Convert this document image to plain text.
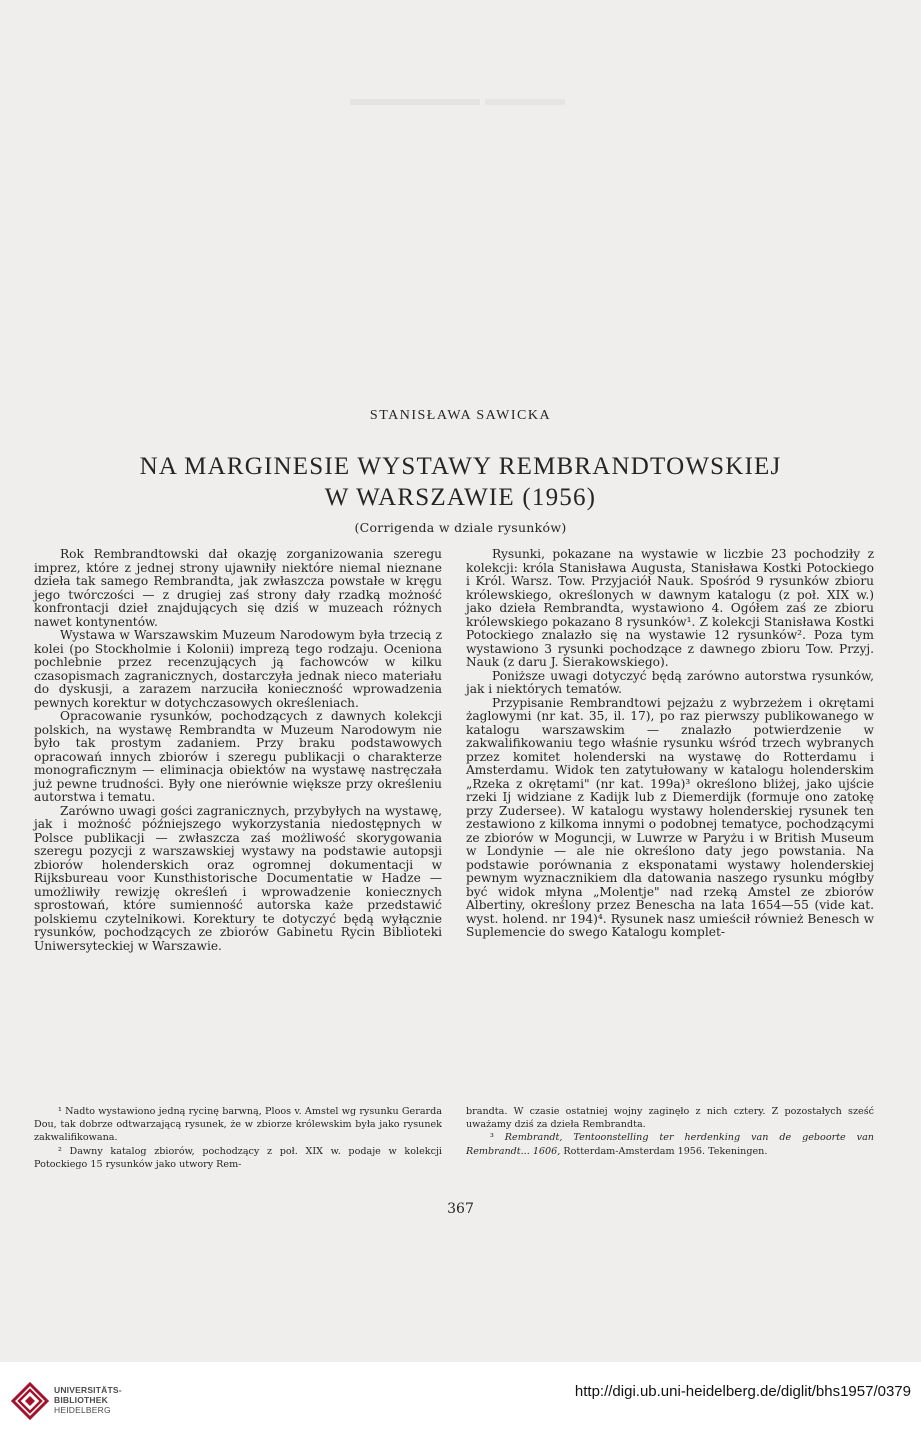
STANISŁAWA SAWICKA
NA MARGINESIE WYSTAWY REMBRANDTOWSKIEJ
W WARSZAWIE (1956)
(Corrigenda w dziale rysunków)

Rok Rembrandtowski dał okazję zorganizowania szeregu imprez, które z jednej strony ujawniły niektóre niemal nieznane dzieła tak samego Rembrandta, jak zwłaszcza powstałe w kręgu jego twórczości — z drugiej zaś strony dały rzadką możność konfrontacji dzieł znajdujących się dziś w muzeach różnych nawet kontynentów.

Wystawa w Warszawskim Muzeum Narodowym była trzecią z kolei (po Stockholmie i Kolonii) imprezą tego rodzaju. Oceniona pochlebnie przez recenzujących ją fachowców w kilku czasopismach zagranicznych, dostarczyła jednak nieco materiału do dyskusji, a zarazem narzuciła konieczność wprowadzenia pewnych korektur w dotychczasowych określeniach.

Opracowanie rysunków, pochodzących z dawnych kolekcji polskich, na wystawę Rembrandta w Muzeum Narodowym nie było tak prostym zadaniem. Przy braku podstawowych opracowań innych zbiorów i szeregu publikacji o charakterze monograficznym — eliminacja obiektów na wystawę nastręczała już pewne trudności. Były one nierównie większe przy określeniu autorstwa i tematu.

Zarówno uwagi gości zagranicznych, przybyłych na wystawę, jak i możność późniejszego wykorzystania niedostępnych w Polsce publikacji — zwłaszcza zaś możliwość skorygowania szeregu pozycji z warszawskiej wystawy na podstawie autopsji zbiorów holenderskich oraz ogromnej dokumentacji w Rijksbureau voor Kunsthistorische Documentatie w Hadze — umożliwiły rewizję określeń i wprowadzenie koniecznych sprostowań, które sumienność autorska każe przedstawić polskiemu czytelnikowi. Korektury te dotyczyć będą wyłącznie rysunków, pochodzących ze zbiorów Gabinetu Rycin Biblioteki Uniwersyteckiej w Warszawie.

Rysunki, pokazane na wystawie w liczbie 23 pochodziły z kolekcji: króla Stanisława Augusta, Stanisława Kostki Potockiego i Król. Warsz. Tow. Przyjaciół Nauk. Spośród 9 rysunków zbioru królewskiego, określonych w dawnym katalogu (z poł. XIX w.) jako dzieła Rembrandta, wystawiono 4. Ogółem zaś ze zbioru królewskiego pokazano 8 rysunków¹. Z kolekcji Stanisława Kostki Potockiego znalazło się na wystawie 12 rysunków². Poza tym wystawiono 3 rysunki pochodzące z dawnego zbioru Tow. Przyj. Nauk (z daru J. Sierakowskiego).

Poniższe uwagi dotyczyć będą zarówno autorstwa rysunków, jak i niektórych tematów.

Przypisanie Rembrandtowi pejzażu z wybrzeżem i okrętami żaglowymi (nr kat. 35, il. 17), po raz pierwszy publikowanego w katalogu warszawskim — znalazło potwierdzenie w zakwalifikowaniu tego właśnie rysunku wśród trzech wybranych przez komitet holenderski na wystawę do Rotterdamu i Amsterdamu. Widok ten zatytułowany w katalogu holenderskim „Rzeka z okrętami" (nr kat. 199a)³ określono bliżej, jako ujście rzeki Ij widziane z Kadijk lub z Diemerdijk (formuje ono zatokę przy Zudersee). W katalogu wystawy holenderskiej rysunek ten zestawiono z kilkoma innymi o podobnej tematyce, pochodzącymi ze zbiorów w Moguncji, w Luwrze w Paryżu i w British Museum w Londynie — ale nie określono daty jego powstania. Na podstawie porównania z eksponatami wystawy holenderskiej pewnym wyznacznikiem dla datowania naszego rysunku mógłby być widok młyna „Molentje" nad rzeką Amstel ze zbiorów Albertiny, określony przez Benescha na lata 1654—55 (vide kat. wyst. holend. nr 194)⁴. Rysunek nasz umieścił również Benesch w Suplemencie do swego Katalogu komplet-

¹ Nadto wystawiono jedną rycinę barwną, Ploos v. Amstel wg rysunku Gerarda Dou, tak dobrze odtwarzającą rysunek, że w zbiorze królewskim była jako rysunek zakwalifikowana.

² Dawny katalog zbiorów, pochodzący z poł. XIX w. podaje w kolekcji Potockiego 15 rysunków jako utwory Rem-

brandta. W czasie ostatniej wojny zaginęło z nich cztery. Z pozostałych sześć uważamy dziś za dzieła Rembrandta.

³ Rembrandt, Tentoonstelling ter herdenking van de geboorte van Rembrandt... 1606, Rotterdam-Amsterdam 1956. Tekeningen.

367
UNIVERSITÄTS-
BIBLIOTHEK
HEIDELBERG
http://digi.ub.uni-heidelberg.de/diglit/bhs1957/0379
